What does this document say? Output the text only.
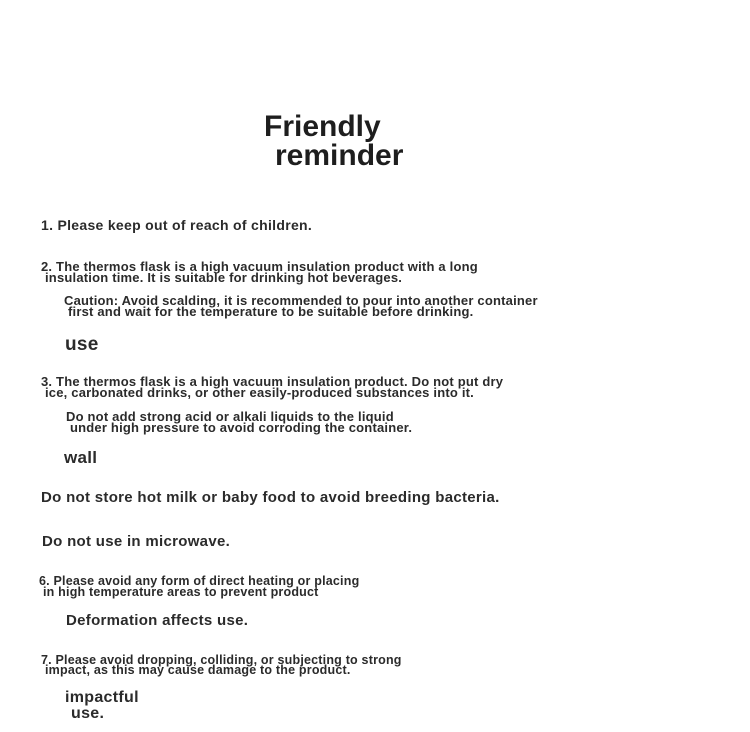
Friendly
reminder
1. Please keep out of reach of children.
2. The thermos flask is a high vacuum insulation product with a long
insulation time. It is suitable for drinking hot beverages.
Caution: Avoid scalding, it is recommended to pour into another container
first and wait for the temperature to be suitable before drinking.
use
3. The thermos flask is a high vacuum insulation product. Do not put dry
ice, carbonated drinks, or other easily-produced substances into it.
Do not add strong acid or alkali liquids to the liquid
under high pressure to avoid corroding the container.
wall
Do not store hot milk or baby food to avoid breeding bacteria.
Do not use in microwave.
6. Please avoid any form of direct heating or placing
in high temperature areas to prevent product
Deformation affects use.
7. Please avoid dropping, colliding, or subjecting to strong
impact, as this may cause damage to the product.
impactful
use.
